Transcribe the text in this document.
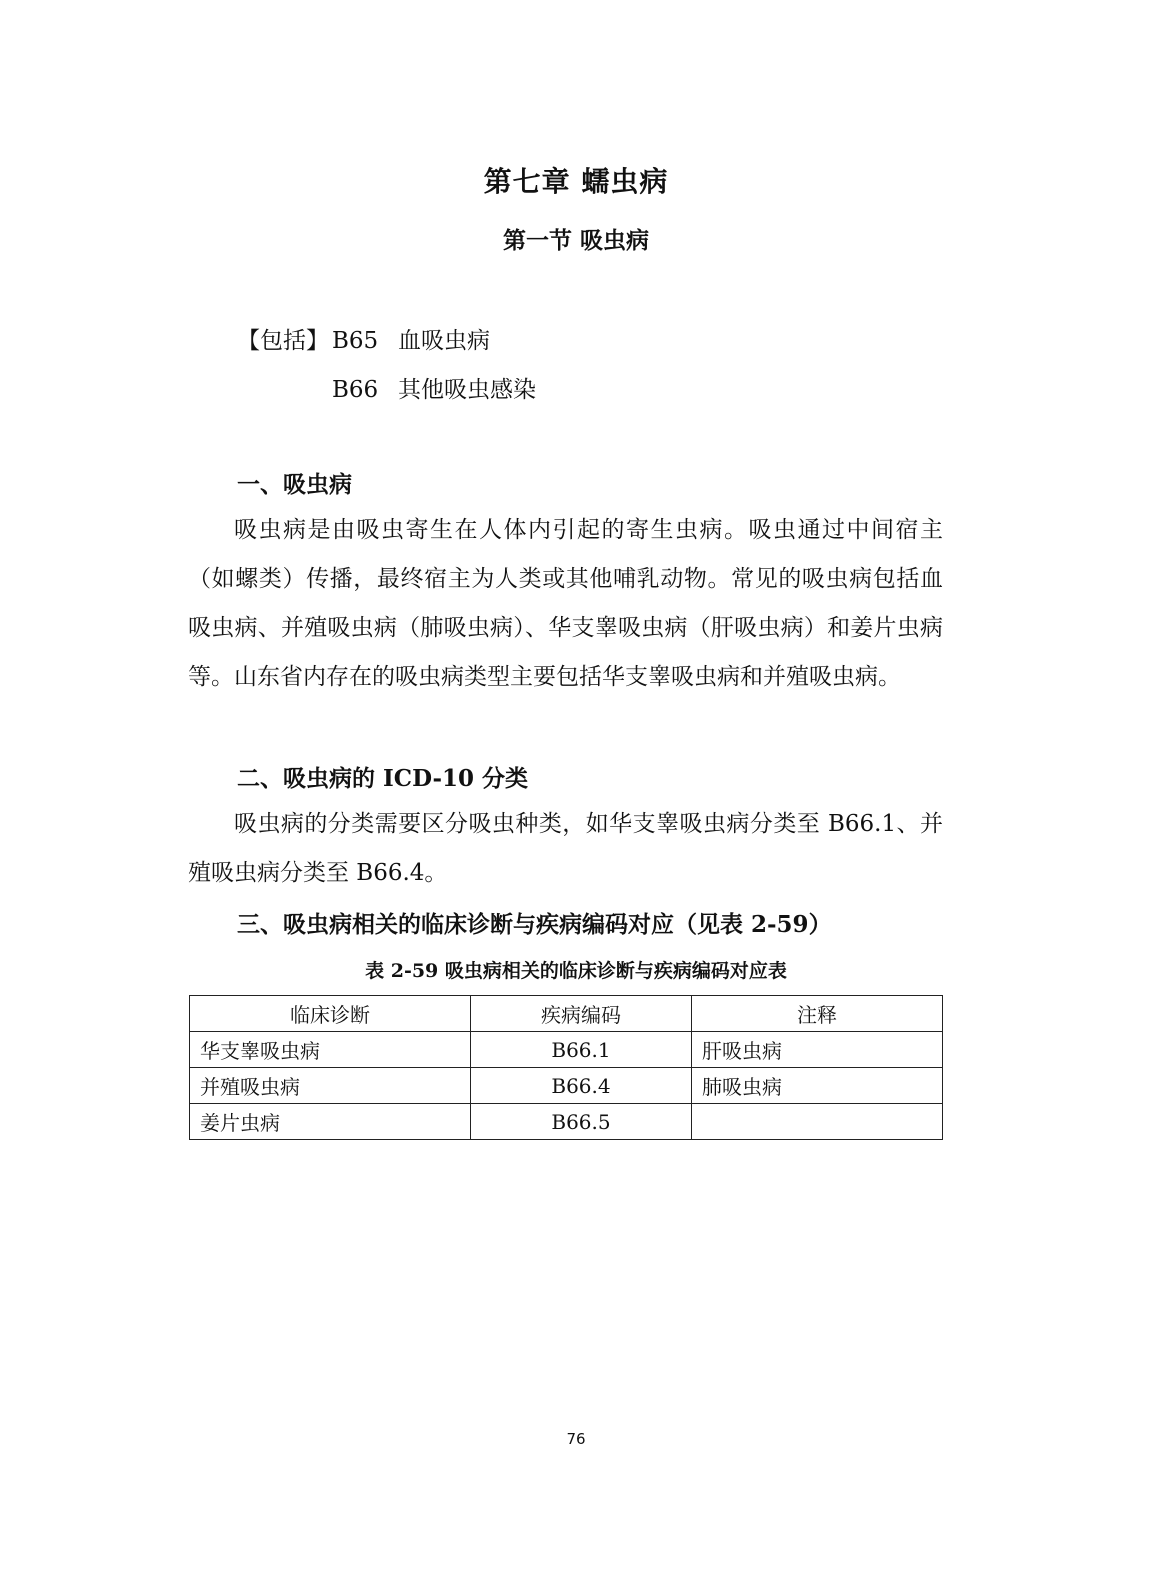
第七章 蠕虫病
第一节 吸虫病
【包括】 B65 血吸虫病
B66 其他吸虫感染
一、吸虫病

吸虫病是由吸虫寄生在人体内引起的寄生虫病。吸虫通过中间宿主（如螺类）传播，最终宿主为人类或其他哺乳动物。常见的吸虫病包括血吸虫病、并殖吸虫病（肺吸虫病）、华支睾吸虫病（肝吸虫病）和姜片虫病等。山东省内存在的吸虫病类型主要包括华支睾吸虫病和并殖吸虫病。

二、吸虫病的 ICD-10 分类

吸虫病的分类需要区分吸虫种类，如华支睾吸虫病分类至 B66.1、并殖吸虫病分类至 B66.4。

三、吸虫病相关的临床诊断与疾病编码对应（见表 2-59）
表 2-59 吸虫病相关的临床诊断与疾病编码对应表
临床诊断	疾病编码	注释
华支睾吸虫病	B66.1	肝吸虫病
并殖吸虫病	B66.4	肺吸虫病
姜片虫病	B66.5	
76
